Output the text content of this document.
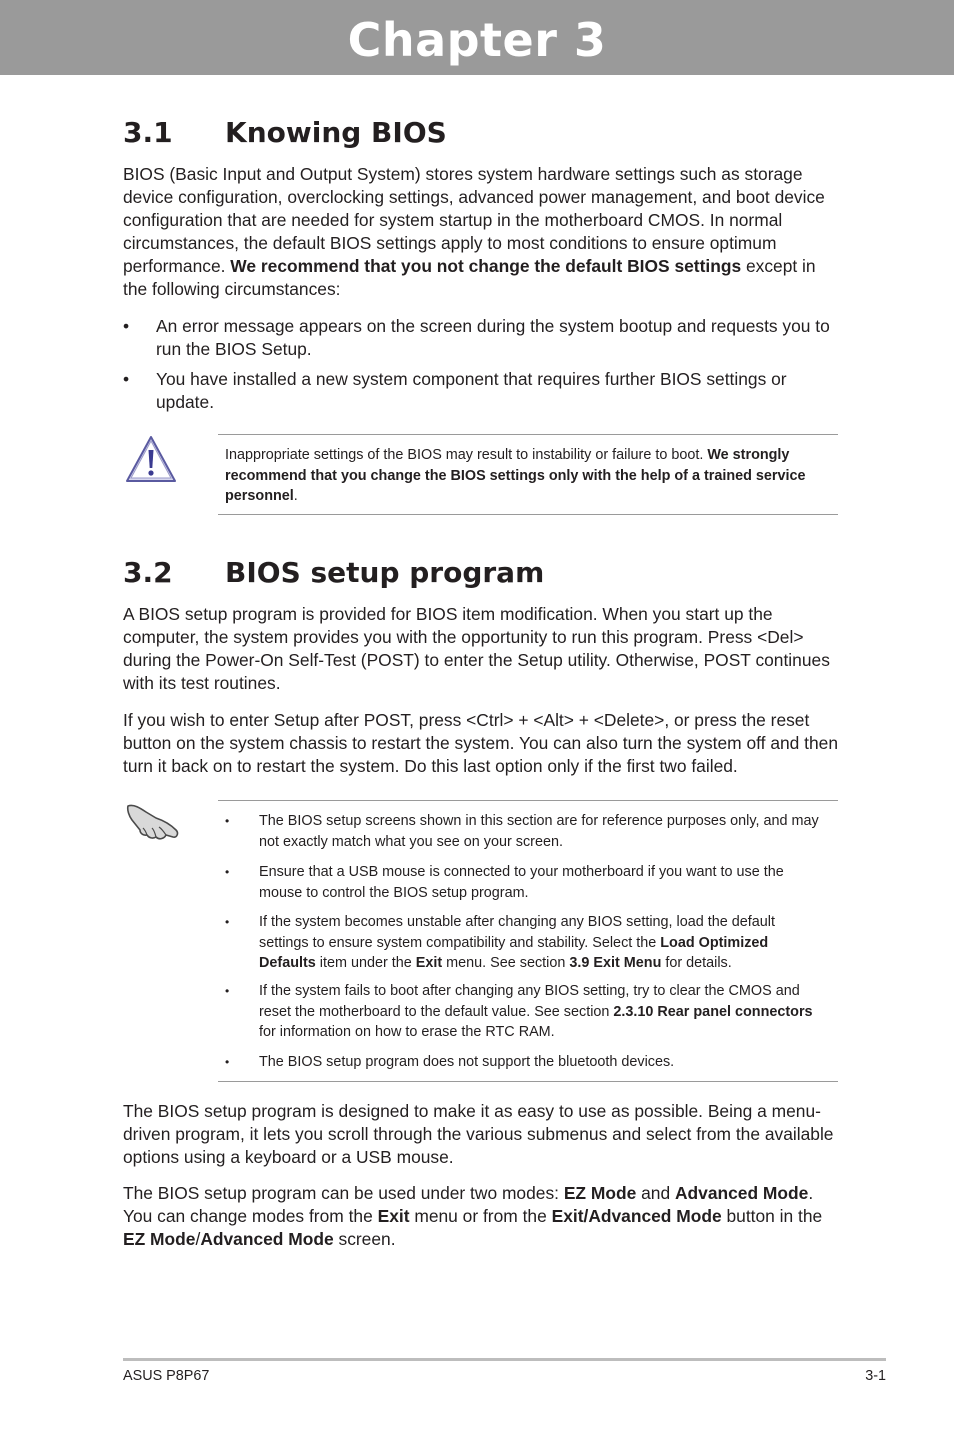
Chapter 3
3.1 Knowing BIOS
BIOS (Basic Input and Output System) stores system hardware settings such as storage device configuration, overclocking settings, advanced power management, and boot device configuration that are needed for system startup in the motherboard CMOS. In normal circumstances, the default BIOS settings apply to most conditions to ensure optimum performance. We recommend that you not change the default BIOS settings except in the following circumstances:
• An error message appears on the screen during the system bootup and requests you to run the BIOS Setup.
• You have installed a new system component that requires further BIOS settings or update.
Inappropriate settings of the BIOS may result to instability or failure to boot. We strongly recommend that you change the BIOS settings only with the help of a trained service personnel.
3.2 BIOS setup program
A BIOS setup program is provided for BIOS item modification. When you start up the computer, the system provides you with the opportunity to run this program. Press <Del> during the Power-On Self-Test (POST) to enter the Setup utility. Otherwise, POST continues with its test routines.
If you wish to enter Setup after POST, press <Ctrl> + <Alt> + <Delete>, or press the reset button on the system chassis to restart the system. You can also turn the system off and then turn it back on to restart the system. Do this last option only if the first two failed.
• The BIOS setup screens shown in this section are for reference purposes only, and may not exactly match what you see on your screen.
• Ensure that a USB mouse is connected to your motherboard if you want to use the mouse to control the BIOS setup program.
• If the system becomes unstable after changing any BIOS setting, load the default settings to ensure system compatibility and stability. Select the Load Optimized Defaults item under the Exit menu. See section 3.9 Exit Menu for details.
• If the system fails to boot after changing any BIOS setting, try to clear the CMOS and reset the motherboard to the default value. See section 2.3.10 Rear panel connectors for information on how to erase the RTC RAM.
• The BIOS setup program does not support the bluetooth devices.
The BIOS setup program is designed to make it as easy to use as possible. Being a menu-driven program, it lets you scroll through the various submenus and select from the available options using a keyboard or a USB mouse.
The BIOS setup program can be used under two modes: EZ Mode and Advanced Mode. You can change modes from the Exit menu or from the Exit/Advanced Mode button in the EZ Mode/Advanced Mode screen.
ASUS P8P67	3-1
